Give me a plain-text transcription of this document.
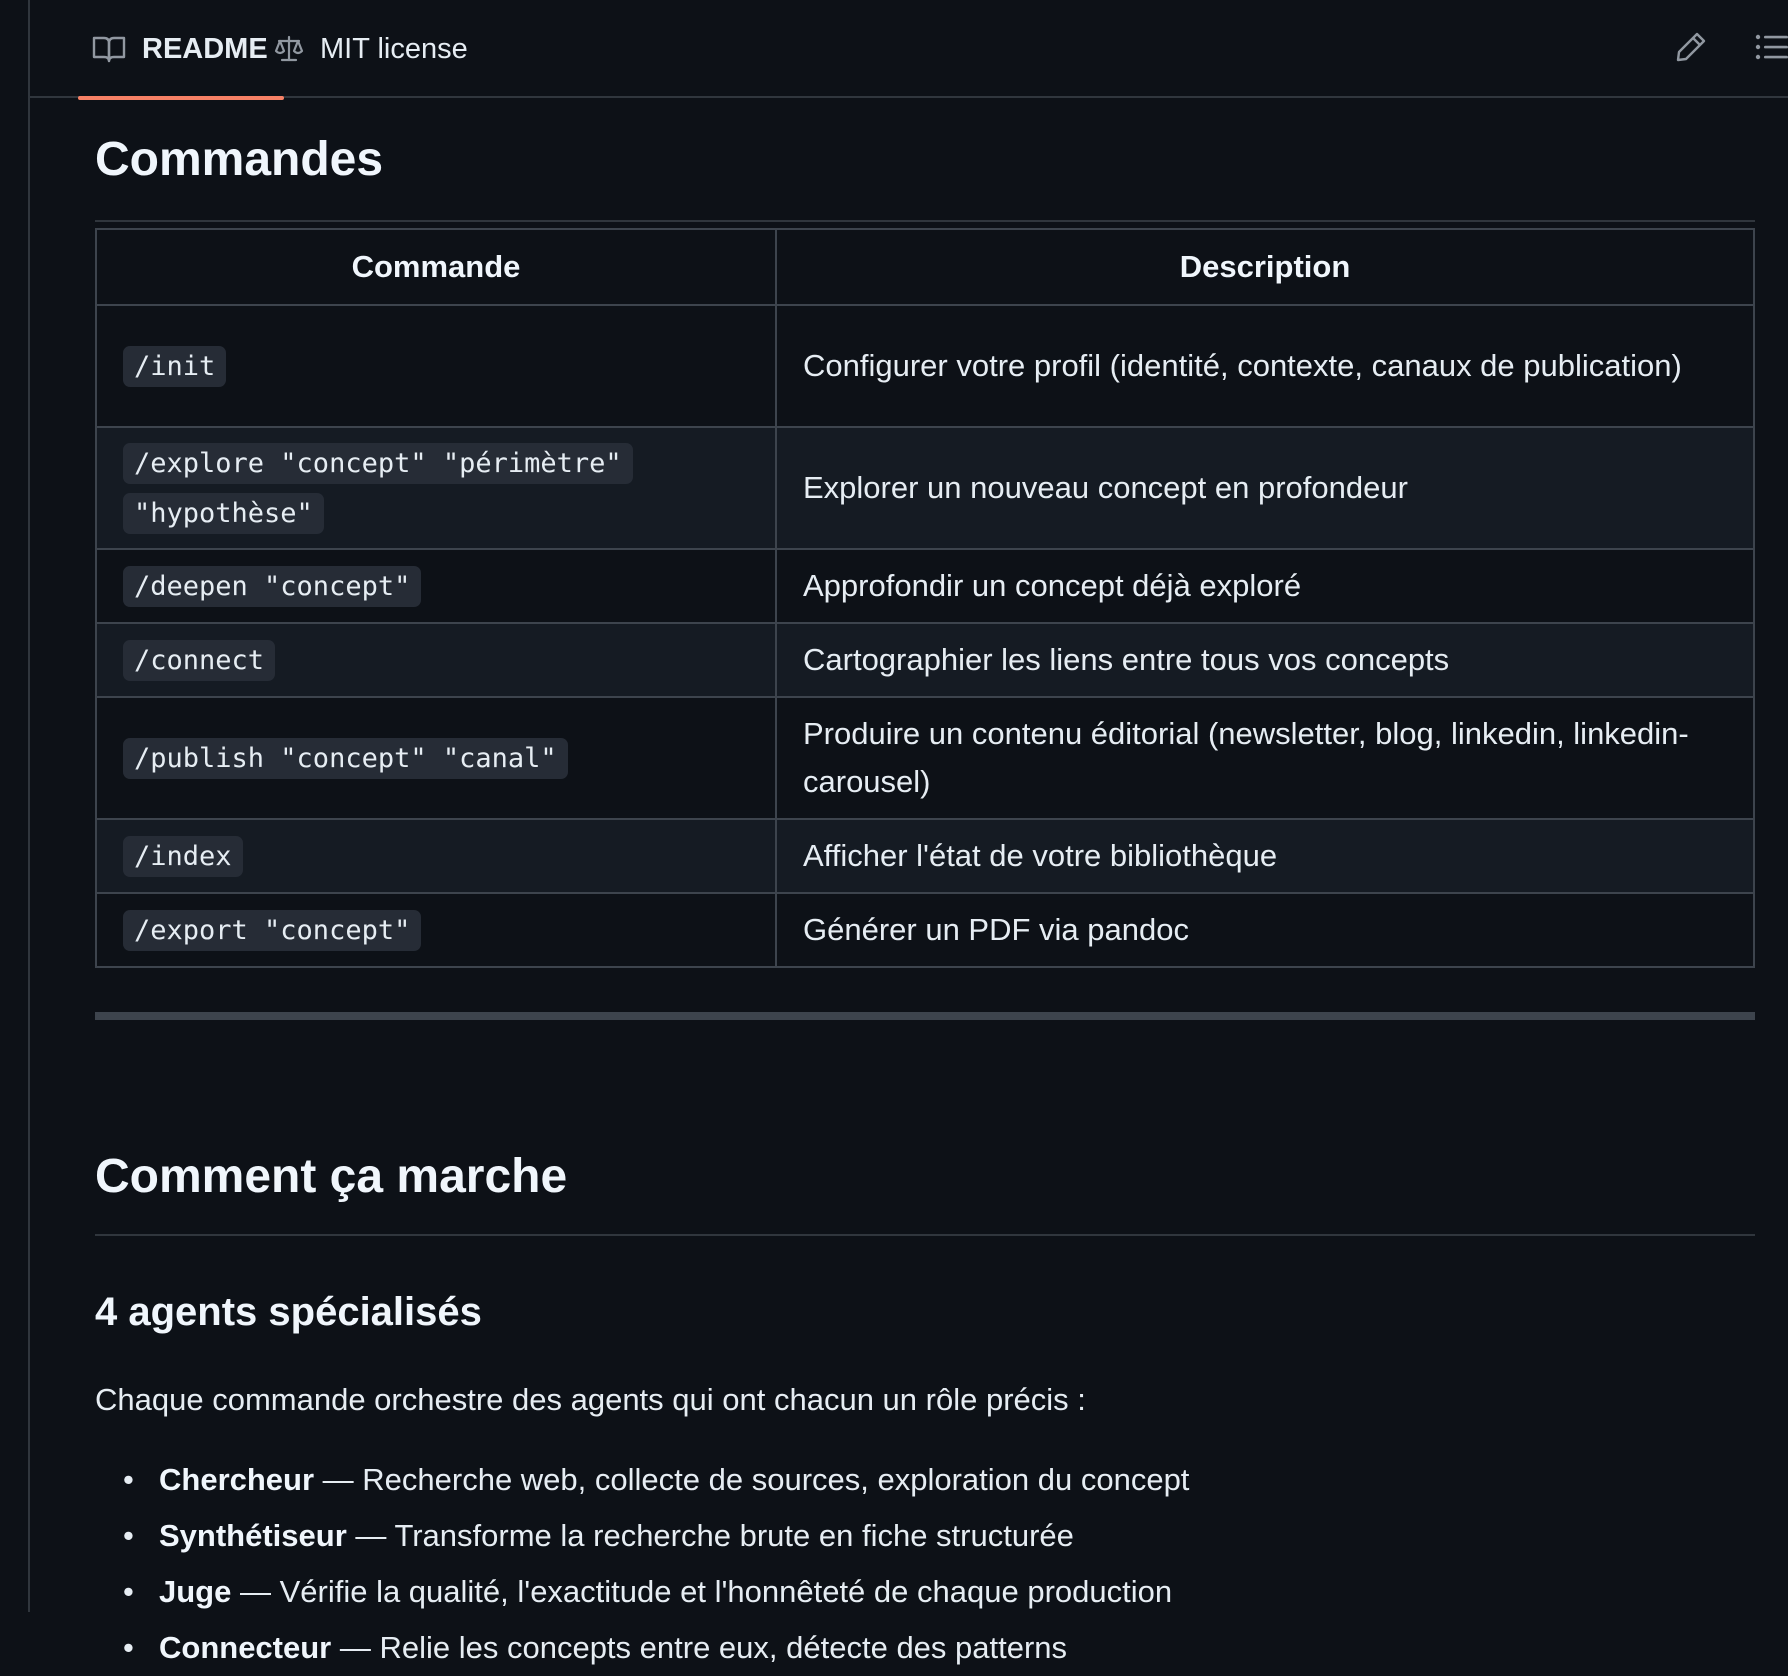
README MIT license
Commandes
Commande	Description
/init	Configurer votre profil (identité, contexte, canaux de publication)
/explore "concept" "périmètre" "hypothèse"	Explorer un nouveau concept en profondeur
/deepen "concept"	Approfondir un concept déjà exploré
/connect	Cartographier les liens entre tous vos concepts
/publish "concept" "canal"	Produire un contenu éditorial (newsletter, blog, linkedin, linkedin-carousel)
/index	Afficher l'état de votre bibliothèque
/export "concept"	Générer un PDF via pandoc
Comment ça marche
4 agents spécialisés

Chaque commande orchestre des agents qui ont chacun un rôle précis :

• Chercheur — Recherche web, collecte de sources, exploration du concept
• Synthétiseur — Transforme la recherche brute en fiche structurée
• Juge — Vérifie la qualité, l'exactitude et l'honnêteté de chaque production
• Connecteur — Relie les concepts entre eux, détecte des patterns
